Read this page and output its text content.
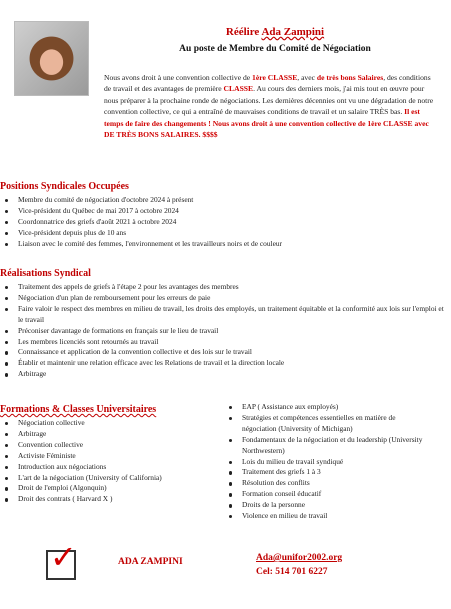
Réélire Ada Zampini
Au poste de Membre du Comité de Négociation
Nous avons droit à une convention collective de 1ère CLASSE, avec de très bons Salaires, des conditions de travail et des avantages de première CLASSE. Au cours des derniers mois, j'ai mis tout en œuvre pour nous préparer à la prochaine ronde de négociations. Les dernières décennies ont vu une dégradation de notre convention collective, ce qui a entraîné de mauvaises conditions de travail et un salaire TRÈS bas. Il est temps de faire des changements ! Nous avons droit à une convention collective de 1ère CLASSE avec DE TRÈS BONS SALAIRES. $$$$
Positions Syndicales Occupées
Membre du comité de négociation d'octobre 2024 à présent
Vice-président du Québec de mai 2017 à octobre 2024
Coordonnatrice des griefs d'août 2021 à octobre 2024
Vice-président depuis plus de 10 ans
Liaison avec le comité des femmes, l'environnement et les travailleurs noirs et de couleur
Réalisations Syndical
Traitement des appels de griefs à l'étape 2 pour les avantages des membres
Négociation d'un plan de remboursement pour les erreurs de paie
Faire valoir le respect des membres en milieu de travail, les droits des employés, un traitement équitable et la conformité aux lois sur l'emploi et le travail
Préconiser davantage de formations en français sur le lieu de travail
Les membres licenciés sont retournés au travail
Connaissance et application de la convention collective et des lois sur le travail
Établir et maintenir une relation efficace avec les Relations de travail et la direction locale
Arbitrage
Formations & Classes Universitaires
Négociation collective
Arbitrage
Convention collective
Activiste Féministe
Introduction aux négociations
L'art de la négociation (University of California)
Droit de l'emploi (Algonquin)
Droit des contrats ( Harvard X )
EAP ( Assistance aux employés)
Stratégies et compétences essentielles en matière de négociation (University of Michigan)
Fondamentaux de la négociation et du leadership (University Northwestern)
Lois du milieu de travail syndiqué
Traitement des griefs 1 à 3
Résolution des conflits
Formation conseil éducatif
Droits de la personne
Violence en milieu de travail
✓	ADA ZAMPINI	Ada@unifor2002.org
Cel: 514 701 6227
